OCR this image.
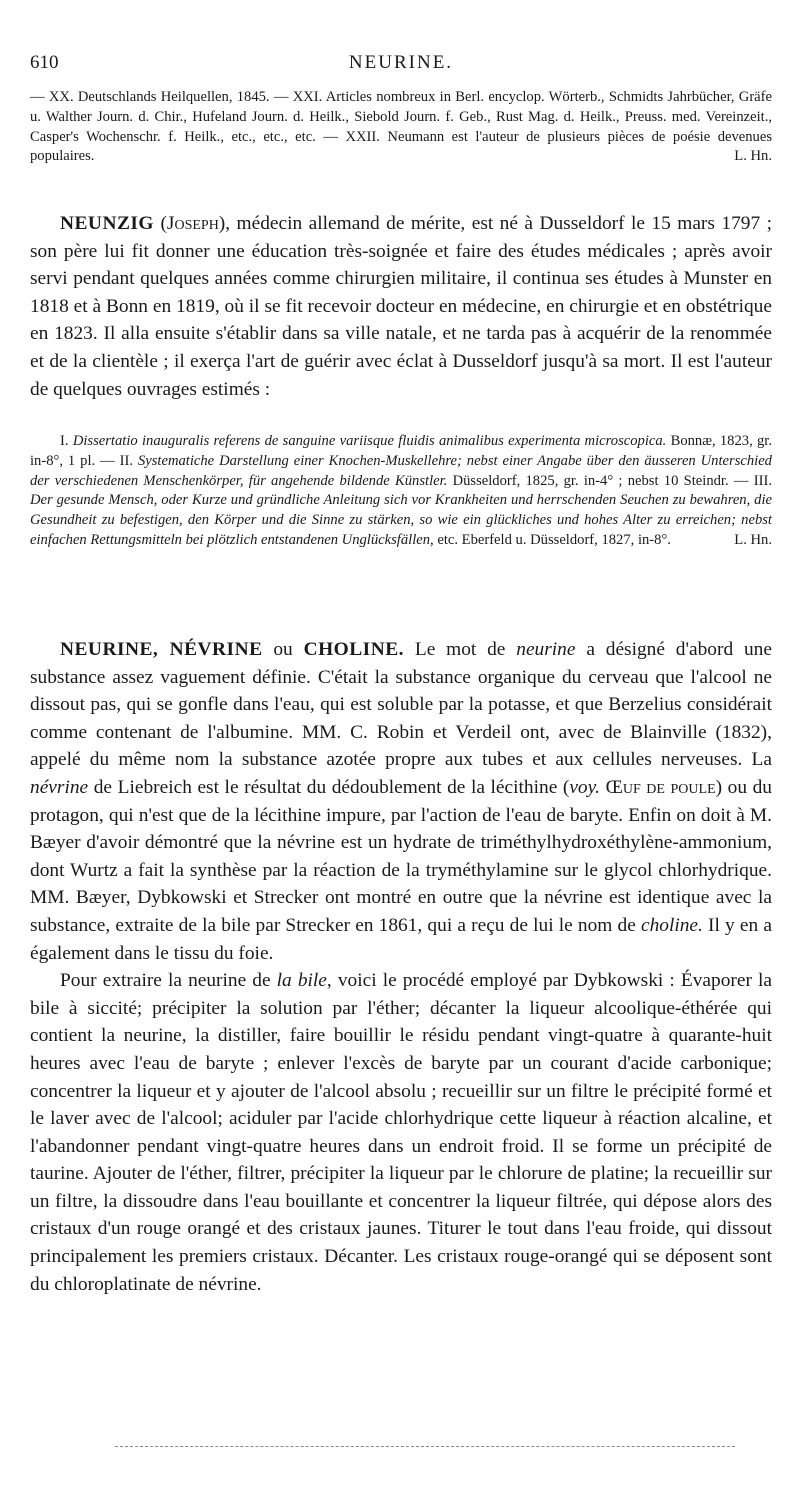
610	NEURINE.

— XX. Deutschlands Heilquellen, 1845. — XXI. Articles nombreux in Berl. encyclop. Wörterb., Schmidts Jahrbücher, Gräfe u. Walther Journ. d. Chir., Hufeland Journ. d. Heilk., Siebold Journ. f. Geb., Rust Mag. d. Heilk., Preuss. med. Vereinzeit., Casper's Wochenschr. f. Heilk., etc., etc., etc. — XXII. Neumann est l'auteur de plusieurs pièces de poésie devenues populaires.	L. Hn.

NEUNZIG (Joseph), médecin allemand de mérite, est né à Dusseldorf le 15 mars 1797 ; son père lui fit donner une éducation très-soignée et faire des études médicales ; après avoir servi pendant quelques années comme chirurgien militaire, il continua ses études à Munster en 1818 et à Bonn en 1819, où il se fit recevoir docteur en médecine, en chirurgie et en obstétrique en 1823. Il alla ensuite s'établir dans sa ville natale, et ne tarda pas à acquérir de la renommée et de la clientèle ; il exerça l'art de guérir avec éclat à Dusseldorf jusqu'à sa mort. Il est l'auteur de quelques ouvrages estimés :

I. Dissertatio inauguralis referens de sanguine variisque fluidis animalibus experimenta microscopica. Bonnæ, 1823, gr. in-8°, 1 pl. — II. Systematiche Darstellung einer Knochen-Muskellehre; nebst einer Angabe über den äusseren Unterschied der verschiedenen Menschenkörper, für angehende bildende Künstler. Düsseldorf, 1825, gr. in-4° ; nebst 10 Steindr. — III. Der gesunde Mensch, oder Kurze und gründliche Anleitung sich vor Krankheiten und herrschenden Seuchen zu bewahren, die Gesundheit zu befestigen, den Körper und die Sinne zu stärken, so wie ein glückliches und hohes Alter zu erreichen; nebst einfachen Rettungsmitteln bei plötzlich entstandenen Unglücksfällen, etc. Eberfeld u. Düsseldorf, 1827, in-8°.	L. Hn.

NEURINE, NÉVRINE ou CHOLINE. Le mot de neurine a désigné d'abord une substance assez vaguement définie. C'était la substance organique du cerveau que l'alcool ne dissout pas, qui se gonfle dans l'eau, qui est soluble par la potasse, et que Berzelius considérait comme contenant de l'albumine. MM. C. Robin et Verdeil ont, avec de Blainville (1832), appelé du même nom la substance azotée propre aux tubes et aux cellules nerveuses. La névrine de Liebreich est le résultat du dédoublement de la lécithine (voy. Œuf de poule) ou du protagon, qui n'est que de la lécithine impure, par l'action de l'eau de baryte. Enfin on doit à M. Bæyer d'avoir démontré que la névrine est un hydrate de triméthylhydroxéthylène-ammonium, dont Wurtz a fait la synthèse par la réaction de la tryméthylamine sur le glycol chlorhydrique. MM. Bæyer, Dybkowski et Strecker ont montré en outre que la névrine est identique avec la substance, extraite de la bile par Strecker en 1861, qui a reçu de lui le nom de choline. Il y en a également dans le tissu du foie.

Pour extraire la neurine de la bile, voici le procédé employé par Dybkowski : Évaporer la bile à siccité; précipiter la solution par l'éther; décanter la liqueur alcoolique-éthérée qui contient la neurine, la distiller, faire bouillir le résidu pendant vingt-quatre à quarante-huit heures avec l'eau de baryte ; enlever l'excès de baryte par un courant d'acide carbonique; concentrer la liqueur et y ajouter de l'alcool absolu ; recueillir sur un filtre le précipité formé et le laver avec de l'alcool; aciduler par l'acide chlorhydrique cette liqueur à réaction alcaline, et l'abandonner pendant vingt-quatre heures dans un endroit froid. Il se forme un précipité de taurine. Ajouter de l'éther, filtrer, précipiter la liqueur par le chlorure de platine; la recueillir sur un filtre, la dissoudre dans l'eau bouillante et concentrer la liqueur filtrée, qui dépose alors des cristaux d'un rouge orangé et des cristaux jaunes. Titurer le tout dans l'eau froide, qui dissout principalement les premiers cristaux. Décanter. Les cristaux rouge-orangé qui se déposent sont du chloroplatinate de névrine.
